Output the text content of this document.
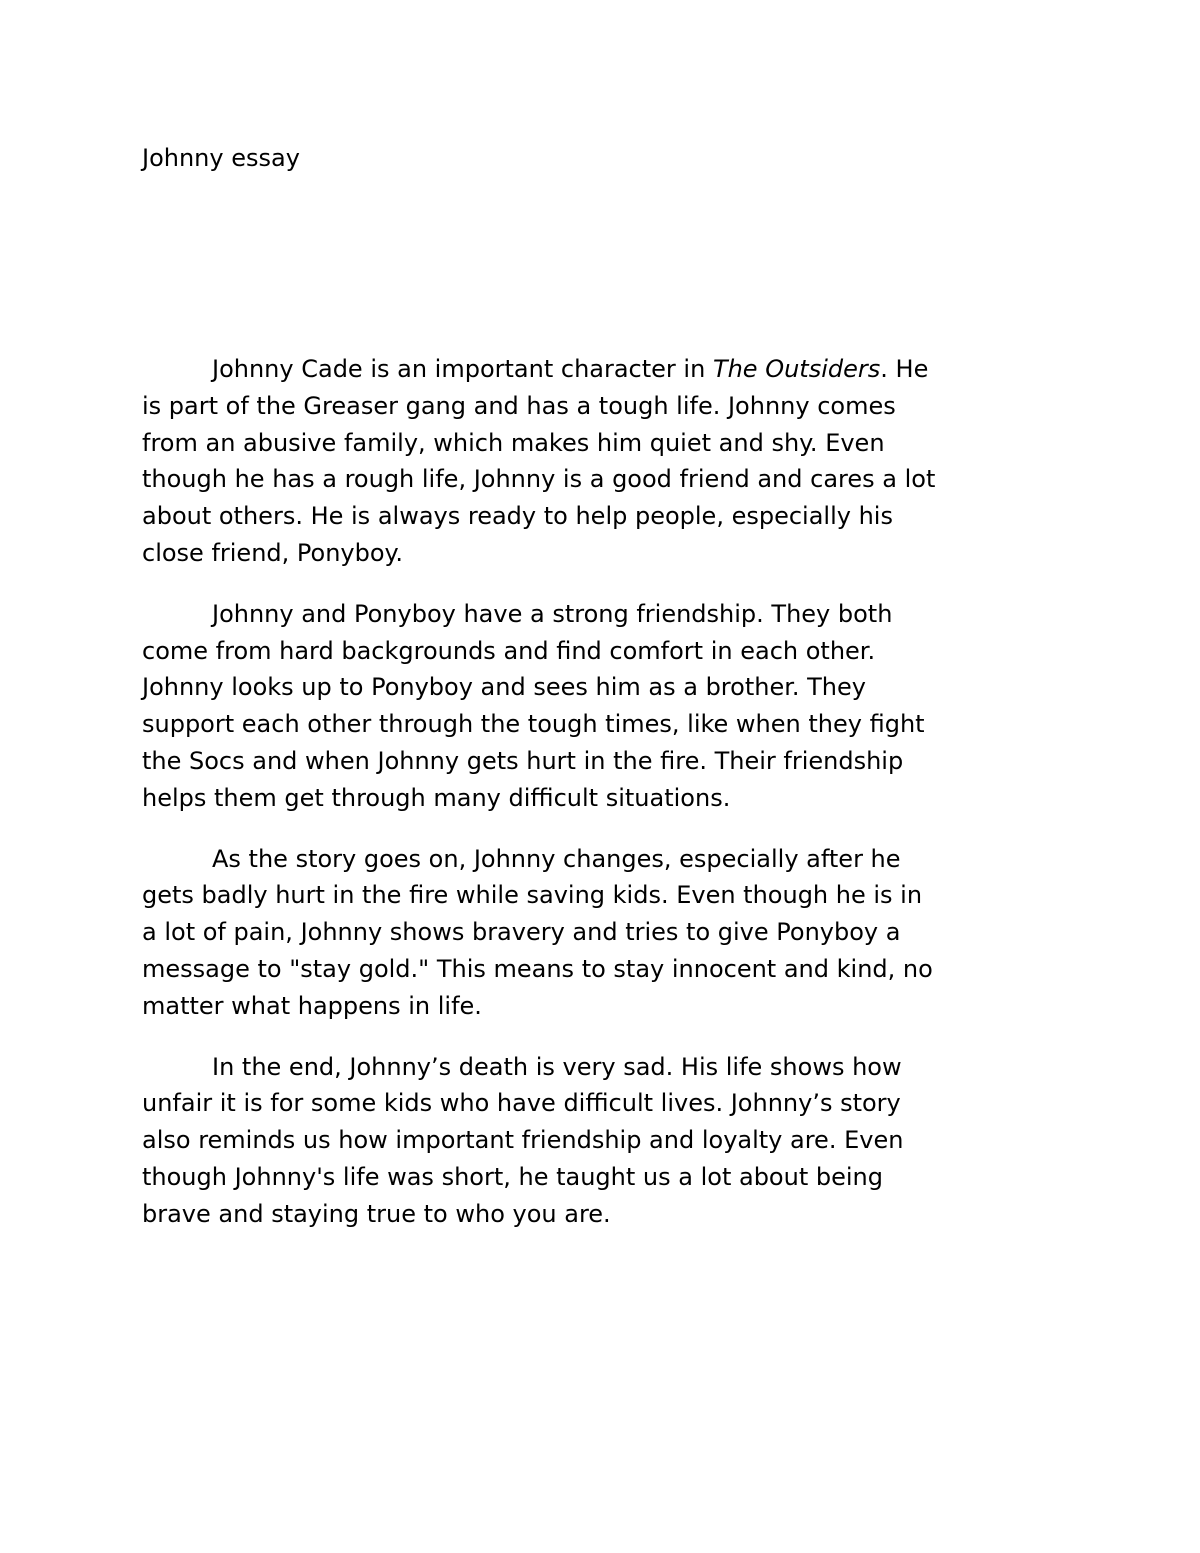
Johnny essay

Johnny Cade is an important character in The Outsiders. He
is part of the Greaser gang and has a tough life. Johnny comes
from an abusive family, which makes him quiet and shy. Even
though he has a rough life, Johnny is a good friend and cares a lot
about others. He is always ready to help people, especially his
close friend, Ponyboy.

Johnny and Ponyboy have a strong friendship. They both
come from hard backgrounds and find comfort in each other.
Johnny looks up to Ponyboy and sees him as a brother. They
support each other through the tough times, like when they fight
the Socs and when Johnny gets hurt in the fire. Their friendship
helps them get through many difficult situations.

As the story goes on, Johnny changes, especially after he
gets badly hurt in the fire while saving kids. Even though he is in
a lot of pain, Johnny shows bravery and tries to give Ponyboy a
message to "stay gold." This means to stay innocent and kind, no
matter what happens in life.

In the end, Johnny’s death is very sad. His life shows how
unfair it is for some kids who have difficult lives. Johnny’s story
also reminds us how important friendship and loyalty are. Even
though Johnny's life was short, he taught us a lot about being
brave and staying true to who you are.
